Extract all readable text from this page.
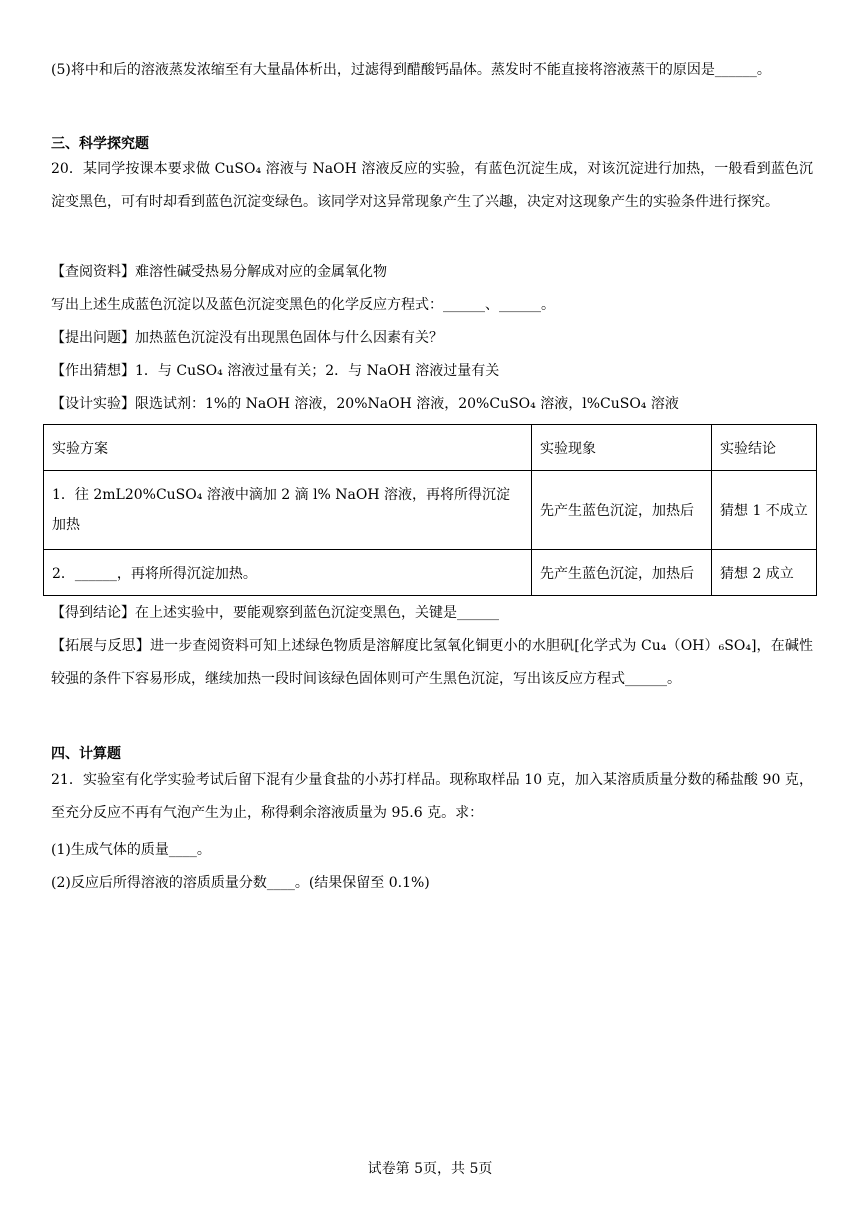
(5)将中和后的溶液蒸发浓缩至有大量晶体析出，过滤得到醋酸钙晶体。蒸发时不能直接将溶液蒸干的原因是______。
三、科学探究题
20．某同学按课本要求做 CuSO₄ 溶液与 NaOH 溶液反应的实验，有蓝色沉淀生成，对该沉淀进行加热，一般看到蓝色沉淀变黑色，可有时却看到蓝色沉淀变绿色。该同学对这异常现象产生了兴趣，决定对这现象产生的实验条件进行探究。
【查阅资料】难溶性碱受热易分解成对应的金属氧化物
写出上述生成蓝色沉淀以及蓝色沉淀变黑色的化学反应方程式：______、______。
【提出问题】加热蓝色沉淀没有出现黑色固体与什么因素有关？
【作出猜想】1．与 CuSO₄ 溶液过量有关；2．与 NaOH 溶液过量有关
【设计实验】限选试剂：1%的 NaOH 溶液，20%NaOH 溶液，20%CuSO₄ 溶液，l%CuSO₄ 溶液
实验方案	实验现象	实验结论
1．往 2mL20%CuSO₄ 溶液中滴加 2 滴 l% NaOH 溶液，再将所得沉淀加热	先产生蓝色沉淀，加热后	猜想 1 不成立
2．______，再将所得沉淀加热。	先产生蓝色沉淀，加热后	猜想 2 成立
【得到结论】在上述实验中，要能观察到蓝色沉淀变黑色，关键是______
【拓展与反思】进一步查阅资料可知上述绿色物质是溶解度比氢氧化铜更小的水胆矾[化学式为 Cu₄（OH）₆SO₄]，在碱性较强的条件下容易形成，继续加热一段时间该绿色固体则可产生黑色沉淀，写出该反应方程式______。
四、计算题
21．实验室有化学实验考试后留下混有少量食盐的小苏打样品。现称取样品 10 克，加入某溶质质量分数的稀盐酸 90 克，至充分反应不再有气泡产生为止，称得剩余溶液质量为 95.6 克。求：
(1)生成气体的质量____。
(2)反应后所得溶液的溶质质量分数____。(结果保留至 0.1%)
试卷第 5页，共 5页
